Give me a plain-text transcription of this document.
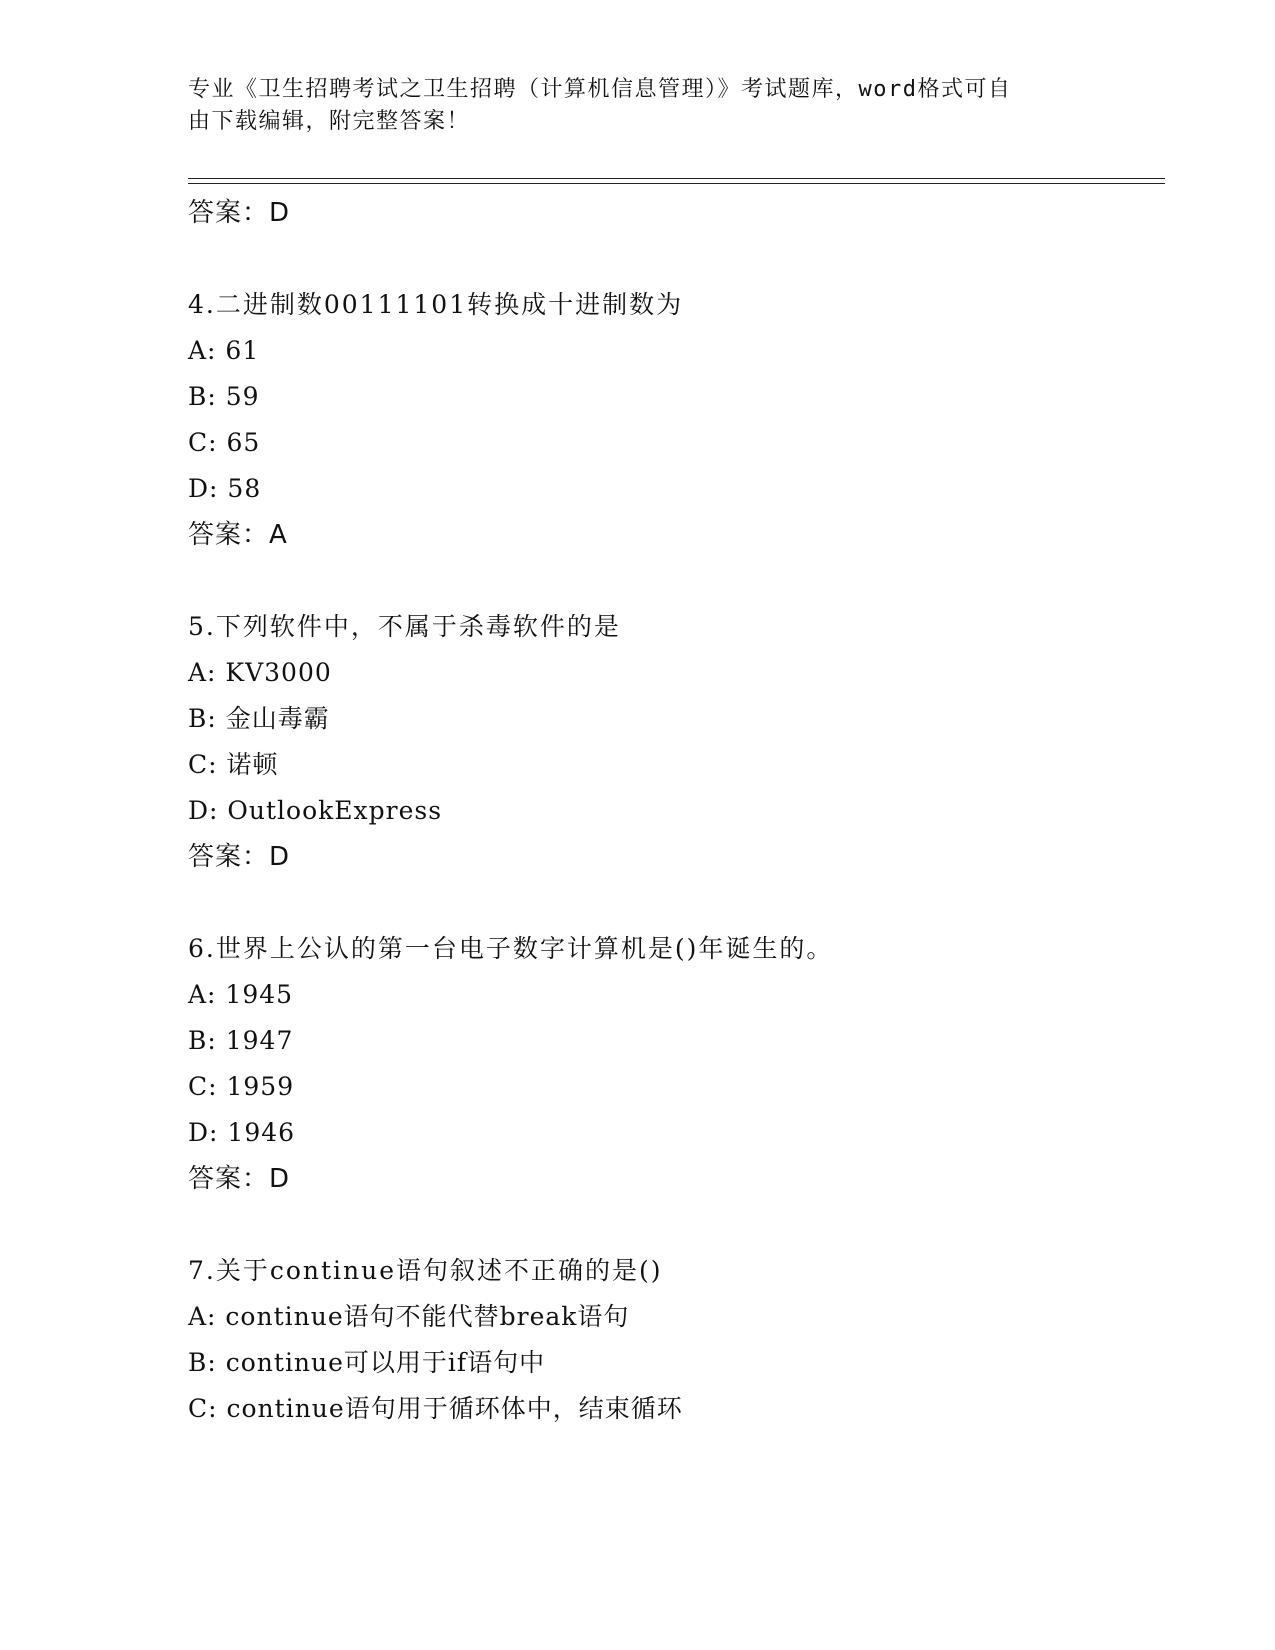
专业《卫生招聘考试之卫生招聘（计算机信息管理）》考试题库，word格式可自
由下载编辑，附完整答案！
答案：D
4.二进制数00111101转换成十进制数为
A: 61
B: 59
C: 65
D: 58
答案：A
5.下列软件中，不属于杀毒软件的是
A: KV3000
B: 金山毒霸
C: 诺顿
D: OutlookExpress
答案：D
6.世界上公认的第一台电子数字计算机是()年诞生的。
A: 1945
B: 1947
C: 1959
D: 1946
答案：D
7.关于continue语句叙述不正确的是()
A: continue语句不能代替break语句
B: continue可以用于if语句中
C: continue语句用于循环体中，结束循环
